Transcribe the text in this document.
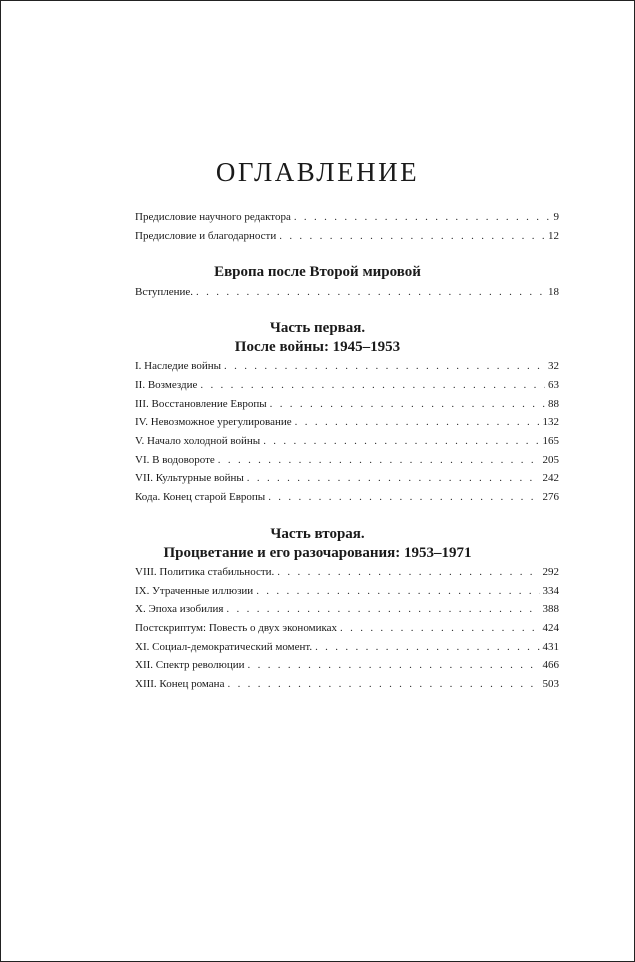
ОГЛАВЛЕНИЕ
Предисловие научного редактора . . .	9
Предисловие и благодарности . . .	12
Европа после Второй мировой
Вступление. . . .	18
Часть первая.
После войны: 1945–1953
I. Наследие войны . . .	32
II. Возмездие . . .	63
III. Восстановление Европы . . .	88
IV. Невозможное урегулирование . . .	132
V. Начало холодной войны . . .	165
VI. В водовороте . . .	205
VII. Культурные войны . . .	242
Кода. Конец старой Европы . . .	276
Часть вторая.
Процветание и его разочарования: 1953–1971
VIII. Политика стабильности. . . .	292
IX. Утраченные иллюзии . . .	334
X. Эпоха изобилия . . .	388
Постскриптум: Повесть о двух экономиках . . .	424
XI. Социал-демократический момент. . . .	431
XII. Спектр революции . . .	466
XIII. Конец романа . . .	503
